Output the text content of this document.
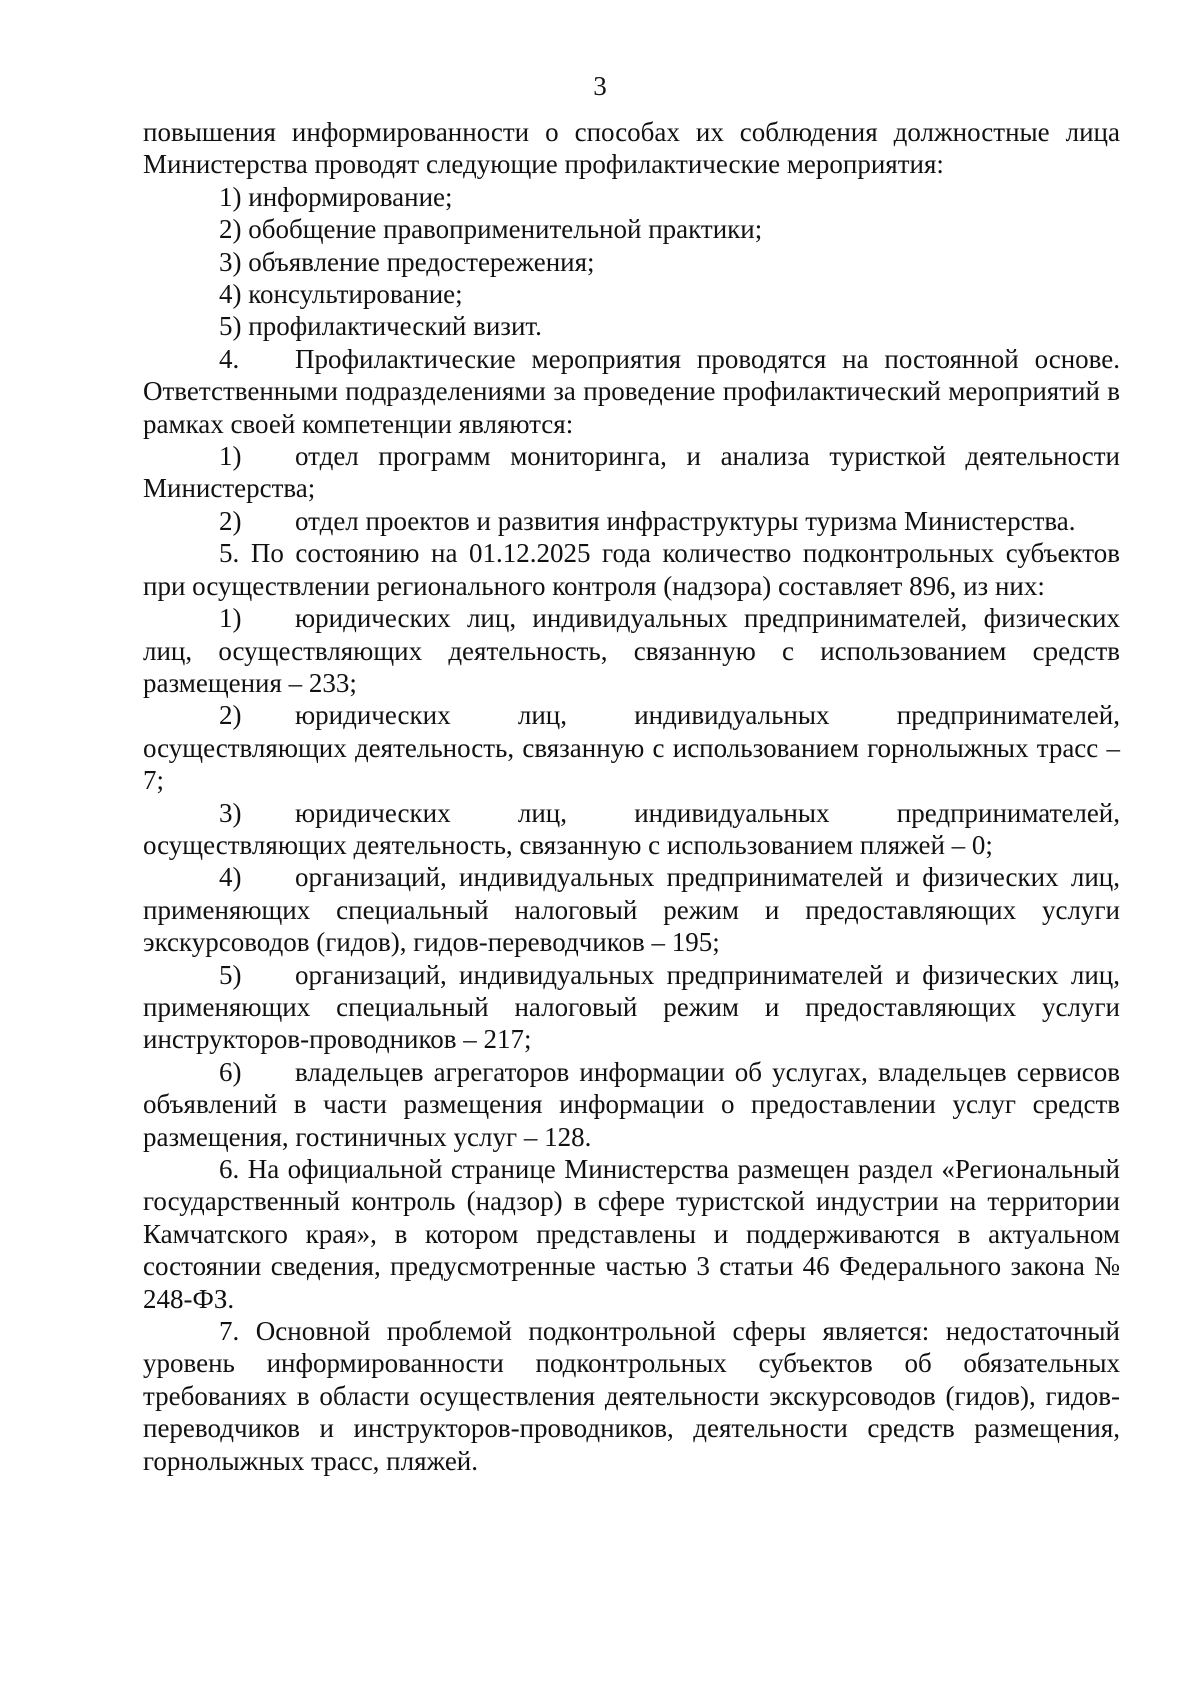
3

повышения информированности о способах их соблюдения должностные лица Министерства проводят следующие профилактические мероприятия:

1) информирование;
2) обобщение правоприменительной практики;
3) объявление предостережения;
4) консультирование;
5) профилактический визит.

4. Профилактические мероприятия проводятся на постоянной основе. Ответственными подразделениями за проведение профилактический мероприятий в рамках своей компетенции являются:

1) отдел программ мониторинга, и анализа туристкой деятельности Министерства;

2) отдел проектов и развития инфраструктуры туризма Министерства.

5. По состоянию на 01.12.2025 года количество подконтрольных субъектов при осуществлении регионального контроля (надзора) составляет 896, из них:

1) юридических лиц, индивидуальных предпринимателей, физических лиц, осуществляющих деятельность, связанную с использованием средств размещения – 233;

2) юридических лиц, индивидуальных предпринимателей, осуществляющих деятельность, связанную с использованием горнолыжных трасс – 7;

3) юридических лиц, индивидуальных предпринимателей, осуществляющих деятельность, связанную с использованием пляжей – 0;

4) организаций, индивидуальных предпринимателей и физических лиц, применяющих специальный налоговый режим и предоставляющих услуги экскурсоводов (гидов), гидов-переводчиков – 195;

5) организаций, индивидуальных предпринимателей и физических лиц, применяющих специальный налоговый режим и предоставляющих услуги инструкторов-проводников – 217;

6) владельцев агрегаторов информации об услугах, владельцев сервисов объявлений в части размещения информации о предоставлении услуг средств размещения, гостиничных услуг – 128.

6. На официальной странице Министерства размещен раздел «Региональный государственный контроль (надзор) в сфере туристской индустрии на территории Камчатского края», в котором представлены и поддерживаются в актуальном состоянии сведения, предусмотренные частью 3 статьи 46 Федерального закона № 248-ФЗ.

7. Основной проблемой подконтрольной сферы является: недостаточный уровень информированности подконтрольных субъектов об обязательных требованиях в области осуществления деятельности экскурсоводов (гидов), гидов-переводчиков и инструкторов-проводников, деятельности средств размещения, горнолыжных трасс, пляжей.
